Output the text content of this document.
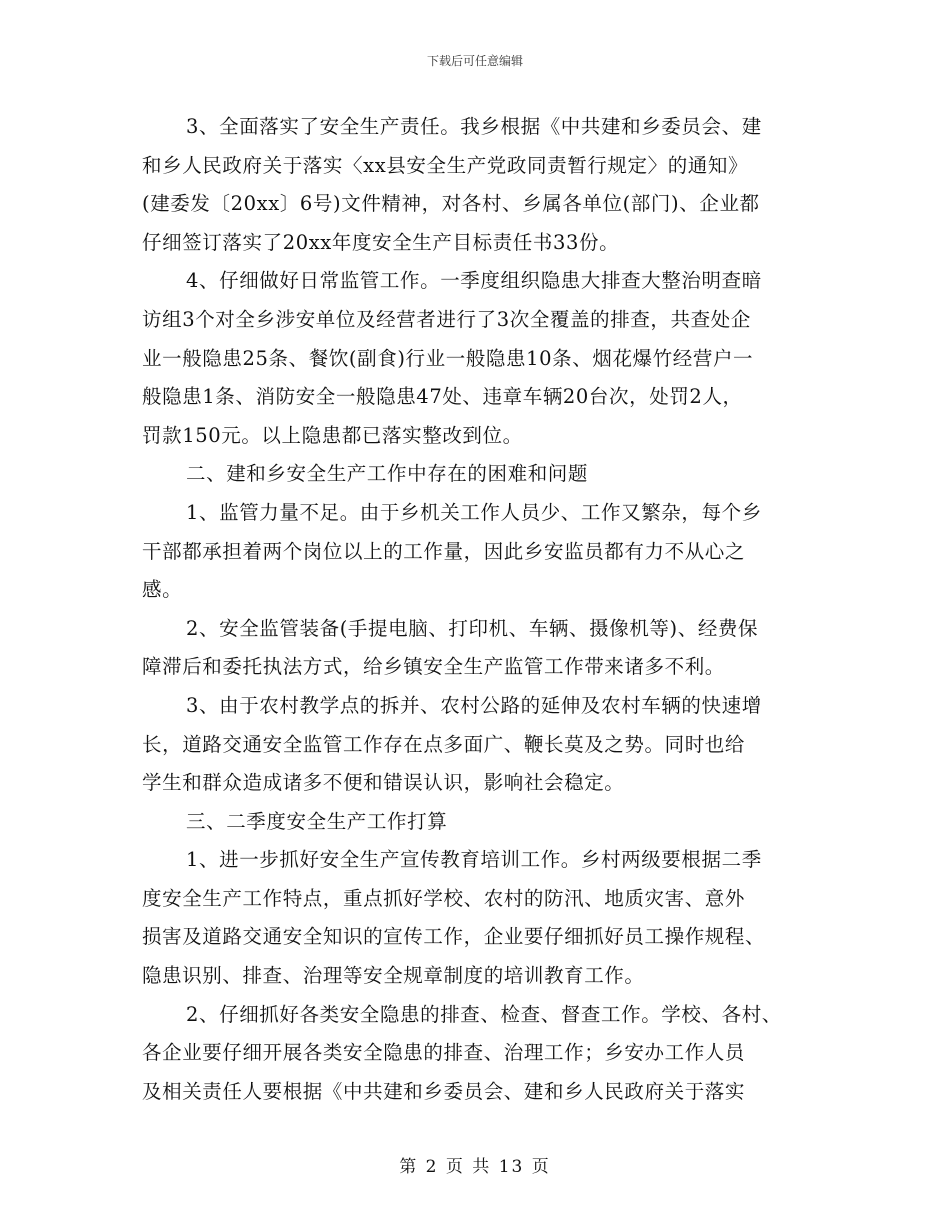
下载后可任意编辑
3、全面落实了安全生产责任。我乡根据《中共建和乡委员会、建
和乡人民政府关于落实〈xx县安全生产党政同责暂行规定〉的通知》
(建委发〔20xx〕6号)文件精神，对各村、乡属各单位(部门)、企业都
仔细签订落实了20xx年度安全生产目标责任书33份。
4、仔细做好日常监管工作。一季度组织隐患大排查大整治明查暗
访组3个对全乡涉安单位及经营者进行了3次全覆盖的排查，共查处企
业一般隐患25条、餐饮(副食)行业一般隐患10条、烟花爆竹经营户一
般隐患1条、消防安全一般隐患47处、违章车辆20台次，处罚2人，
罚款150元。以上隐患都已落实整改到位。
二、建和乡安全生产工作中存在的困难和问题
1、监管力量不足。由于乡机关工作人员少、工作又繁杂，每个乡
干部都承担着两个岗位以上的工作量，因此乡安监员都有力不从心之
感。
2、安全监管装备(手提电脑、打印机、车辆、摄像机等)、经费保
障滞后和委托执法方式，给乡镇安全生产监管工作带来诸多不利。
3、由于农村教学点的拆并、农村公路的延伸及农村车辆的快速增
长，道路交通安全监管工作存在点多面广、鞭长莫及之势。同时也给
学生和群众造成诸多不便和错误认识，影响社会稳定。
三、二季度安全生产工作打算
1、进一步抓好安全生产宣传教育培训工作。乡村两级要根据二季
度安全生产工作特点，重点抓好学校、农村的防汛、地质灾害、意外
损害及道路交通安全知识的宣传工作，企业要仔细抓好员工操作规程、
隐患识别、排查、治理等安全规章制度的培训教育工作。
2、仔细抓好各类安全隐患的排查、检查、督查工作。学校、各村、
各企业要仔细开展各类安全隐患的排查、治理工作；乡安办工作人员
及相关责任人要根据《中共建和乡委员会、建和乡人民政府关于落实
第 2 页 共 13 页
